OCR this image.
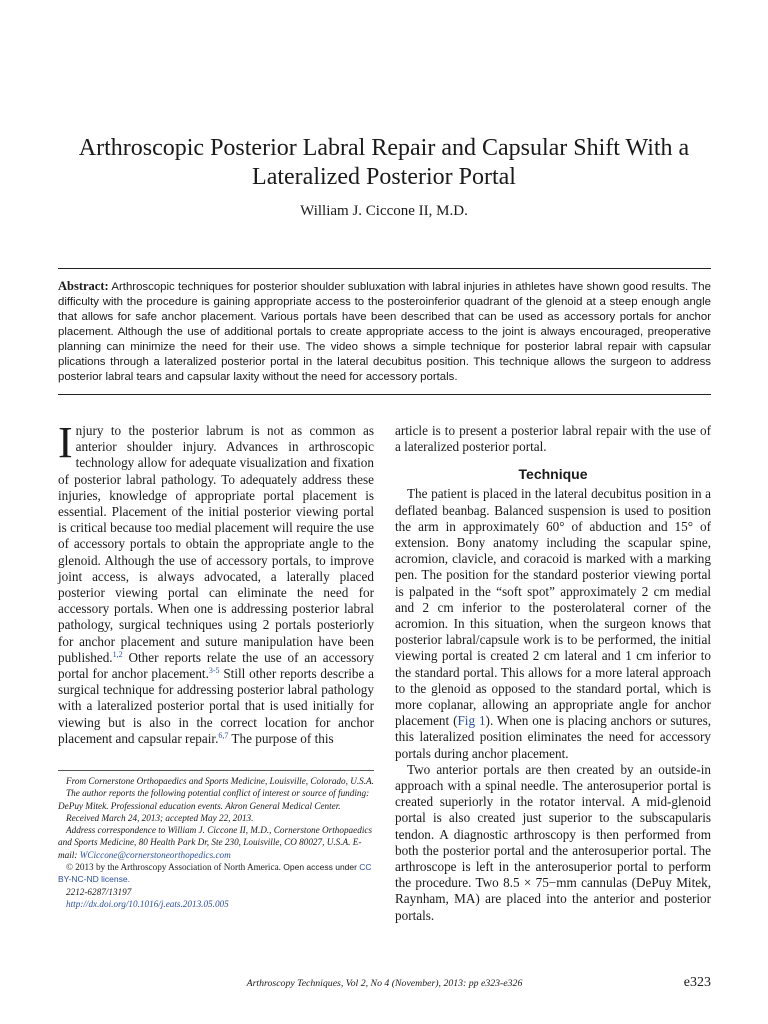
Arthroscopic Posterior Labral Repair and Capsular Shift With a Lateralized Posterior Portal
William J. Ciccone II, M.D.
Abstract: Arthroscopic techniques for posterior shoulder subluxation with labral injuries in athletes have shown good results. The difficulty with the procedure is gaining appropriate access to the posteroinferior quadrant of the glenoid at a steep enough angle that allows for safe anchor placement. Various portals have been described that can be used as accessory portals for anchor placement. Although the use of additional portals to create appropriate access to the joint is always encouraged, preoperative planning can minimize the need for their use. The video shows a simple technique for posterior labral repair with capsular plications through a lateralized posterior portal in the lateral decubitus position. This technique allows the surgeon to address posterior labral tears and capsular laxity without the need for accessory portals.

Injury to the posterior labrum is not as common as anterior shoulder injury. Advances in arthroscopic technology allow for adequate visualization and fixation of posterior labral pathology. To adequately address these injuries, knowledge of appropriate portal placement is essential. Placement of the initial posterior viewing portal is critical because too medial placement will require the use of accessory portals to obtain the appropriate angle to the glenoid. Although the use of accessory portals, to improve joint access, is always advocated, a laterally placed posterior viewing portal can eliminate the need for accessory portals. When one is addressing posterior labral pathology, surgical techniques using 2 portals posteriorly for anchor placement and suture manipulation have been published.$^{1,2}$ Other reports relate the use of an accessory portal for anchor placement.$^{3-5}$ Still other reports describe a surgical technique for addressing posterior labral pathology with a lateralized posterior portal that is used initially for viewing but is also in the correct location for anchor placement and capsular repair.$^{6,7}$ The purpose of this

article is to present a posterior labral repair with the use of a lateralized posterior portal.

Technique

The patient is placed in the lateral decubitus position in a deflated beanbag. Balanced suspension is used to position the arm in approximately 60° of abduction and 15° of extension. Bony anatomy including the scapular spine, acromion, clavicle, and coracoid is marked with a marking pen. The position for the standard posterior viewing portal is palpated in the “soft spot” approximately 2 cm medial and 2 cm inferior to the posterolateral corner of the acromion. In this situation, when the surgeon knows that posterior labral/capsule work is to be performed, the initial viewing portal is created 2 cm lateral and 1 cm inferior to the standard portal. This allows for a more lateral approach to the glenoid as opposed to the standard portal, which is more coplanar, allowing an appropriate angle for anchor placement (Fig 1). When one is placing anchors or sutures, this lateralized position eliminates the need for accessory portals during anchor placement.

Two anterior portals are then created by an outside-in approach with a spinal needle. The anterosuperior portal is created superiorly in the rotator interval. A mid-glenoid portal is also created just superior to the subscapularis tendon. A diagnostic arthroscopy is then performed from both the posterior portal and the anterosuperior portal. The arthroscope is left in the anterosuperior portal to perform the procedure. Two 8.5 × 75−mm cannulas (DePuy Mitek, Raynham, MA) are placed into the anterior and posterior portals.

From Cornerstone Orthopaedics and Sports Medicine, Louisville, Colorado, U.S.A.

The author reports the following potential conflict of interest or source of funding: DePuy Mitek. Professional education events. Akron General Medical Center.

Received March 24, 2013; accepted May 22, 2013.

Address correspondence to William J. Ciccone II, M.D., Cornerstone Orthopaedics and Sports Medicine, 80 Health Park Dr, Ste 230, Louisville, CO 80027, U.S.A. E-mail: WCiccone@cornerstoneorthopedics.com

© 2013 by the Arthroscopy Association of North America. Open access under CC BY-NC-ND license.

2212-6287/13197

http://dx.doi.org/10.1016/j.eats.2013.05.005

Arthroscopy Techniques, Vol 2, No 4 (November), 2013: pp e323-e326	e323
